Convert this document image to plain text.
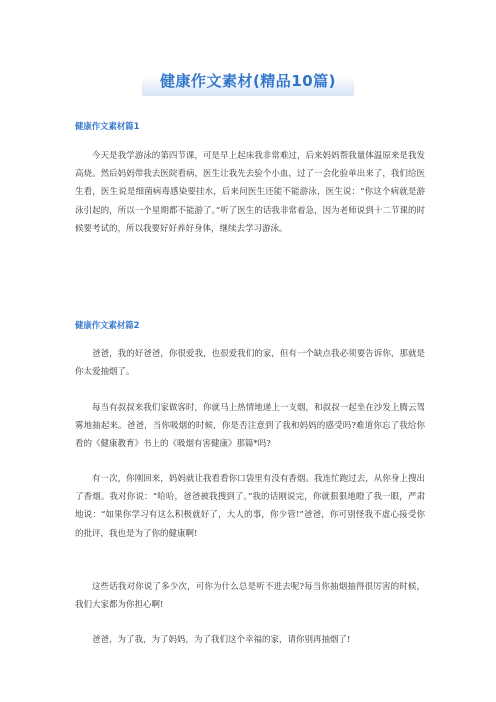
健康作文素材(精品10篇)
健康作文素材篇1

今天是我学游泳的第四节课，可是早上起床我非常难过，后来妈妈帮我量体温原来是我发高烧。然后妈妈带我去医院看病，医生让我先去验个小血，过了一会化验单出来了，我们给医生看，医生说是细菌病毒感染要挂水，后来问医生还能不能游泳，医生说：“你这个病就是游泳引起的，所以一个星期都不能游了。”听了医生的话我非常着急，因为老师说到十二节课的时候要考试的，所以我要好好养好身体，继续去学习游泳。

健康作文素材篇2

爸爸，我的好爸爸，你很爱我，也很爱我们的家，但有一个缺点我必须要告诉你，那就是你太爱抽烟了。

每当有叔叔来我们家做客时，你就马上热情地递上一支烟，和叔叔一起坐在沙发上腾云驾雾地抽起来。爸爸，当你吸烟的时候，你是否注意到了我和妈妈的感受吗?难道你忘了我给你看的《健康教育》书上的《吸烟有害健康》那篇*吗?

有一次，你刚回来，妈妈就让我看看你口袋里有没有香烟。我连忙跑过去，从你身上搜出了香烟。我对你说：“哈哈，爸爸被我搜到了。”我的话刚说完，你就狠狠地瞪了我一眼，严肃地说：“如果你学习有这么积极就好了，大人的事，你少管!”爸爸，你可别怪我不虚心接受你的批评，我也是为了你的健康啊!

这些话我对你说了多少次，可你为什么总是听不进去呢?每当你抽烟抽得很厉害的时候，我们大家都为你担心啊!

爸爸，为了我，为了妈妈，为了我们这个幸福的家，请你别再抽烟了!
